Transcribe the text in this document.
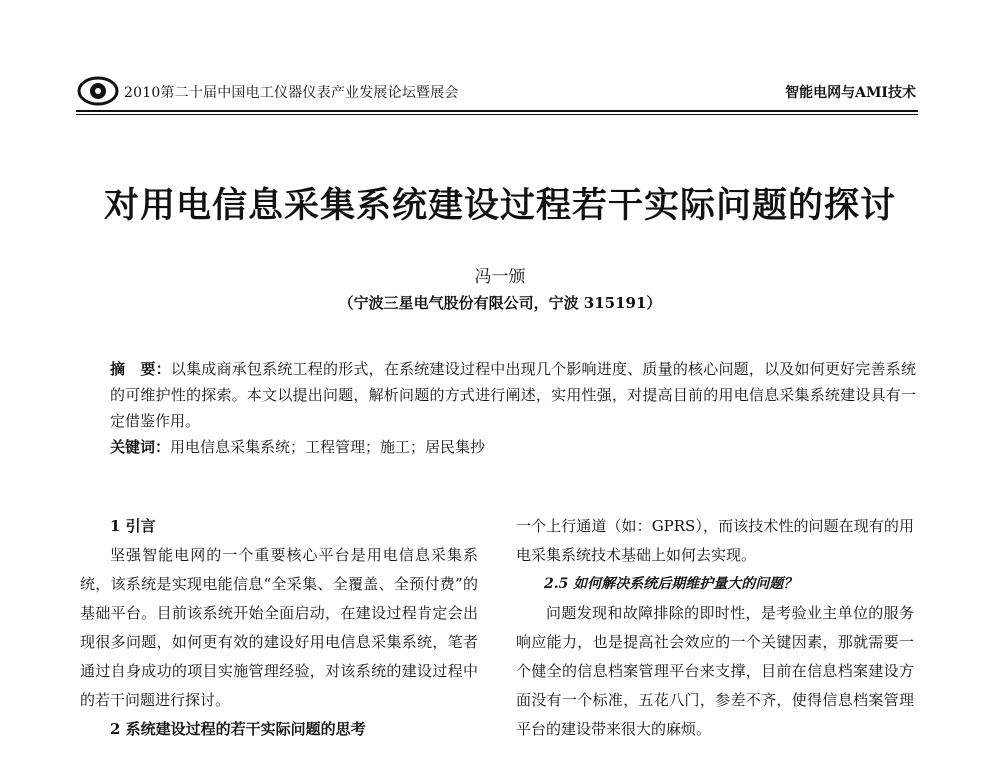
2010第二十届中国电工仪器仪表产业发展论坛暨展会	智能电网与AMI技术
对用电信息采集系统建设过程若干实际问题的探讨
冯一颁
（宁波三星电气股份有限公司，宁波 315191）

摘　要：以集成商承包系统工程的形式，在系统建设过程中出现几个影响进度、质量的核心问题，以及如何更好完善系统的可维护性的探索。本文以提出问题，解析问题的方式进行阐述，实用性强，对提高目前的用电信息采集系统建设具有一定借鉴作用。

关键词：用电信息采集系统；工程管理；施工；居民集抄

1 引言

坚强智能电网的一个重要核心平台是用电信息采集系统，该系统是实现电能信息“全采集、全覆盖、全预付费”的基础平台。目前该系统开始全面启动，在建设过程肯定会出现很多问题，如何更有效的建设好用电信息采集系统，笔者通过自身成功的项目实施管理经验，对该系统的建设过程中的若干问题进行探讨。

2 系统建设过程的若干实际问题的思考

一个上行通道（如：GPRS），而该技术性的问题在现有的用电采集系统技术基础上如何去实现。

2.5 如何解决系统后期维护量大的问题？

问题发现和故障排除的即时性，是考验业主单位的服务响应能力，也是提高社会效应的一个关键因素，那就需要一个健全的信息档案管理平台来支撑，目前在信息档案建设方面没有一个标准，五花八门，参差不齐，使得信息档案管理平台的建设带来很大的麻烦。
